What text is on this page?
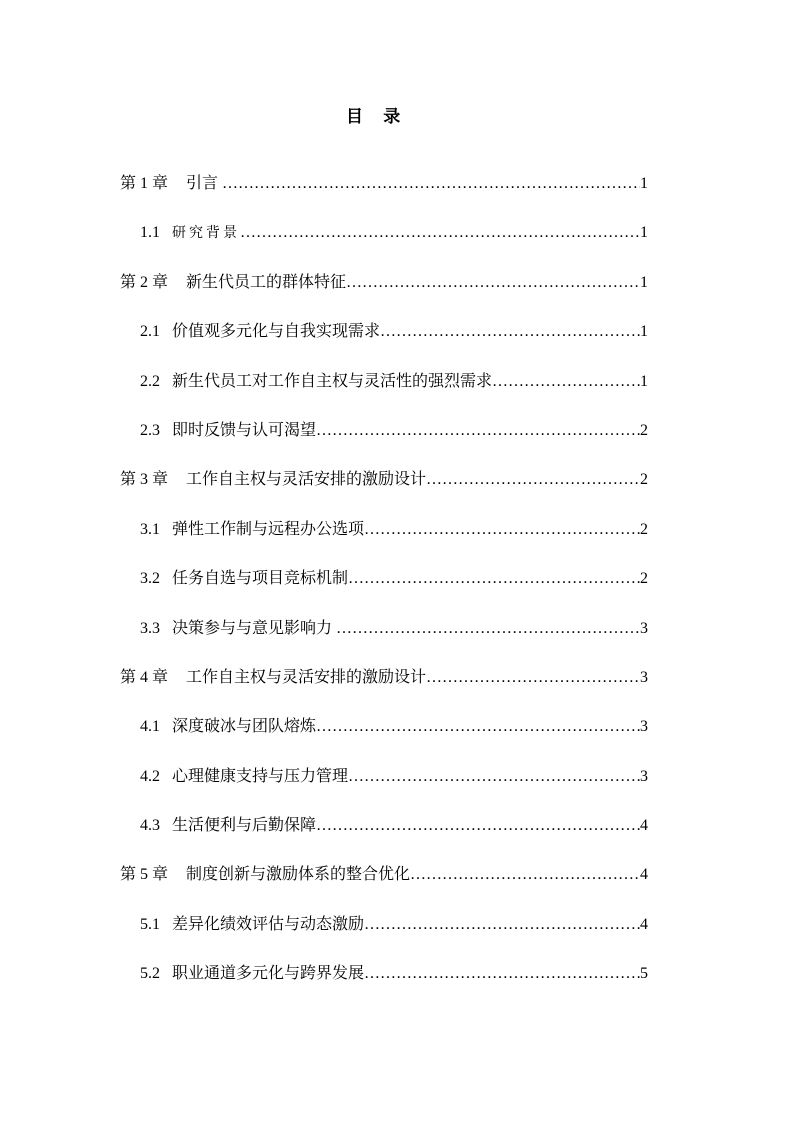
目 录
第 1 章	引言 ……………………………………………………………………………………………………………………………………………………	1
1.1 研究背景 ……………………………………………………………………………………………………………………………………………………	1
第 2 章	新生代员工的群体特征 ……………………………………………………………………………………………………………………………………………………	1
2.1 价值观多元化与自我实现需求 ……………………………………………………………………………………………………………………………………………………	1
2.2 新生代员工对工作自主权与灵活性的强烈需求 ……………………………………………………………………………………………………………………………………………………	1
2.3 即时反馈与认可渴望 ……………………………………………………………………………………………………………………………………………………	2
第 3 章	工作自主权与灵活安排的激励设计 ……………………………………………………………………………………………………………………………………………………	2
3.1 弹性工作制与远程办公选项 ……………………………………………………………………………………………………………………………………………………	2
3.2 任务自选与项目竞标机制 ……………………………………………………………………………………………………………………………………………………	2
3.3 决策参与与意见影响力 ……………………………………………………………………………………………………………………………………………………	3
第 4 章	工作自主权与灵活安排的激励设计 ……………………………………………………………………………………………………………………………………………………	3
4.1 深度破冰与团队熔炼 ……………………………………………………………………………………………………………………………………………………	3
4.2 心理健康支持与压力管理 ……………………………………………………………………………………………………………………………………………………	3
4.3 生活便利与后勤保障 ……………………………………………………………………………………………………………………………………………………	4
第 5 章	制度创新与激励体系的整合优化 ……………………………………………………………………………………………………………………………………………………	4
5.1 差异化绩效评估与动态激励 ……………………………………………………………………………………………………………………………………………………	4
5.2 职业通道多元化与跨界发展 ……………………………………………………………………………………………………………………………………………………	5
